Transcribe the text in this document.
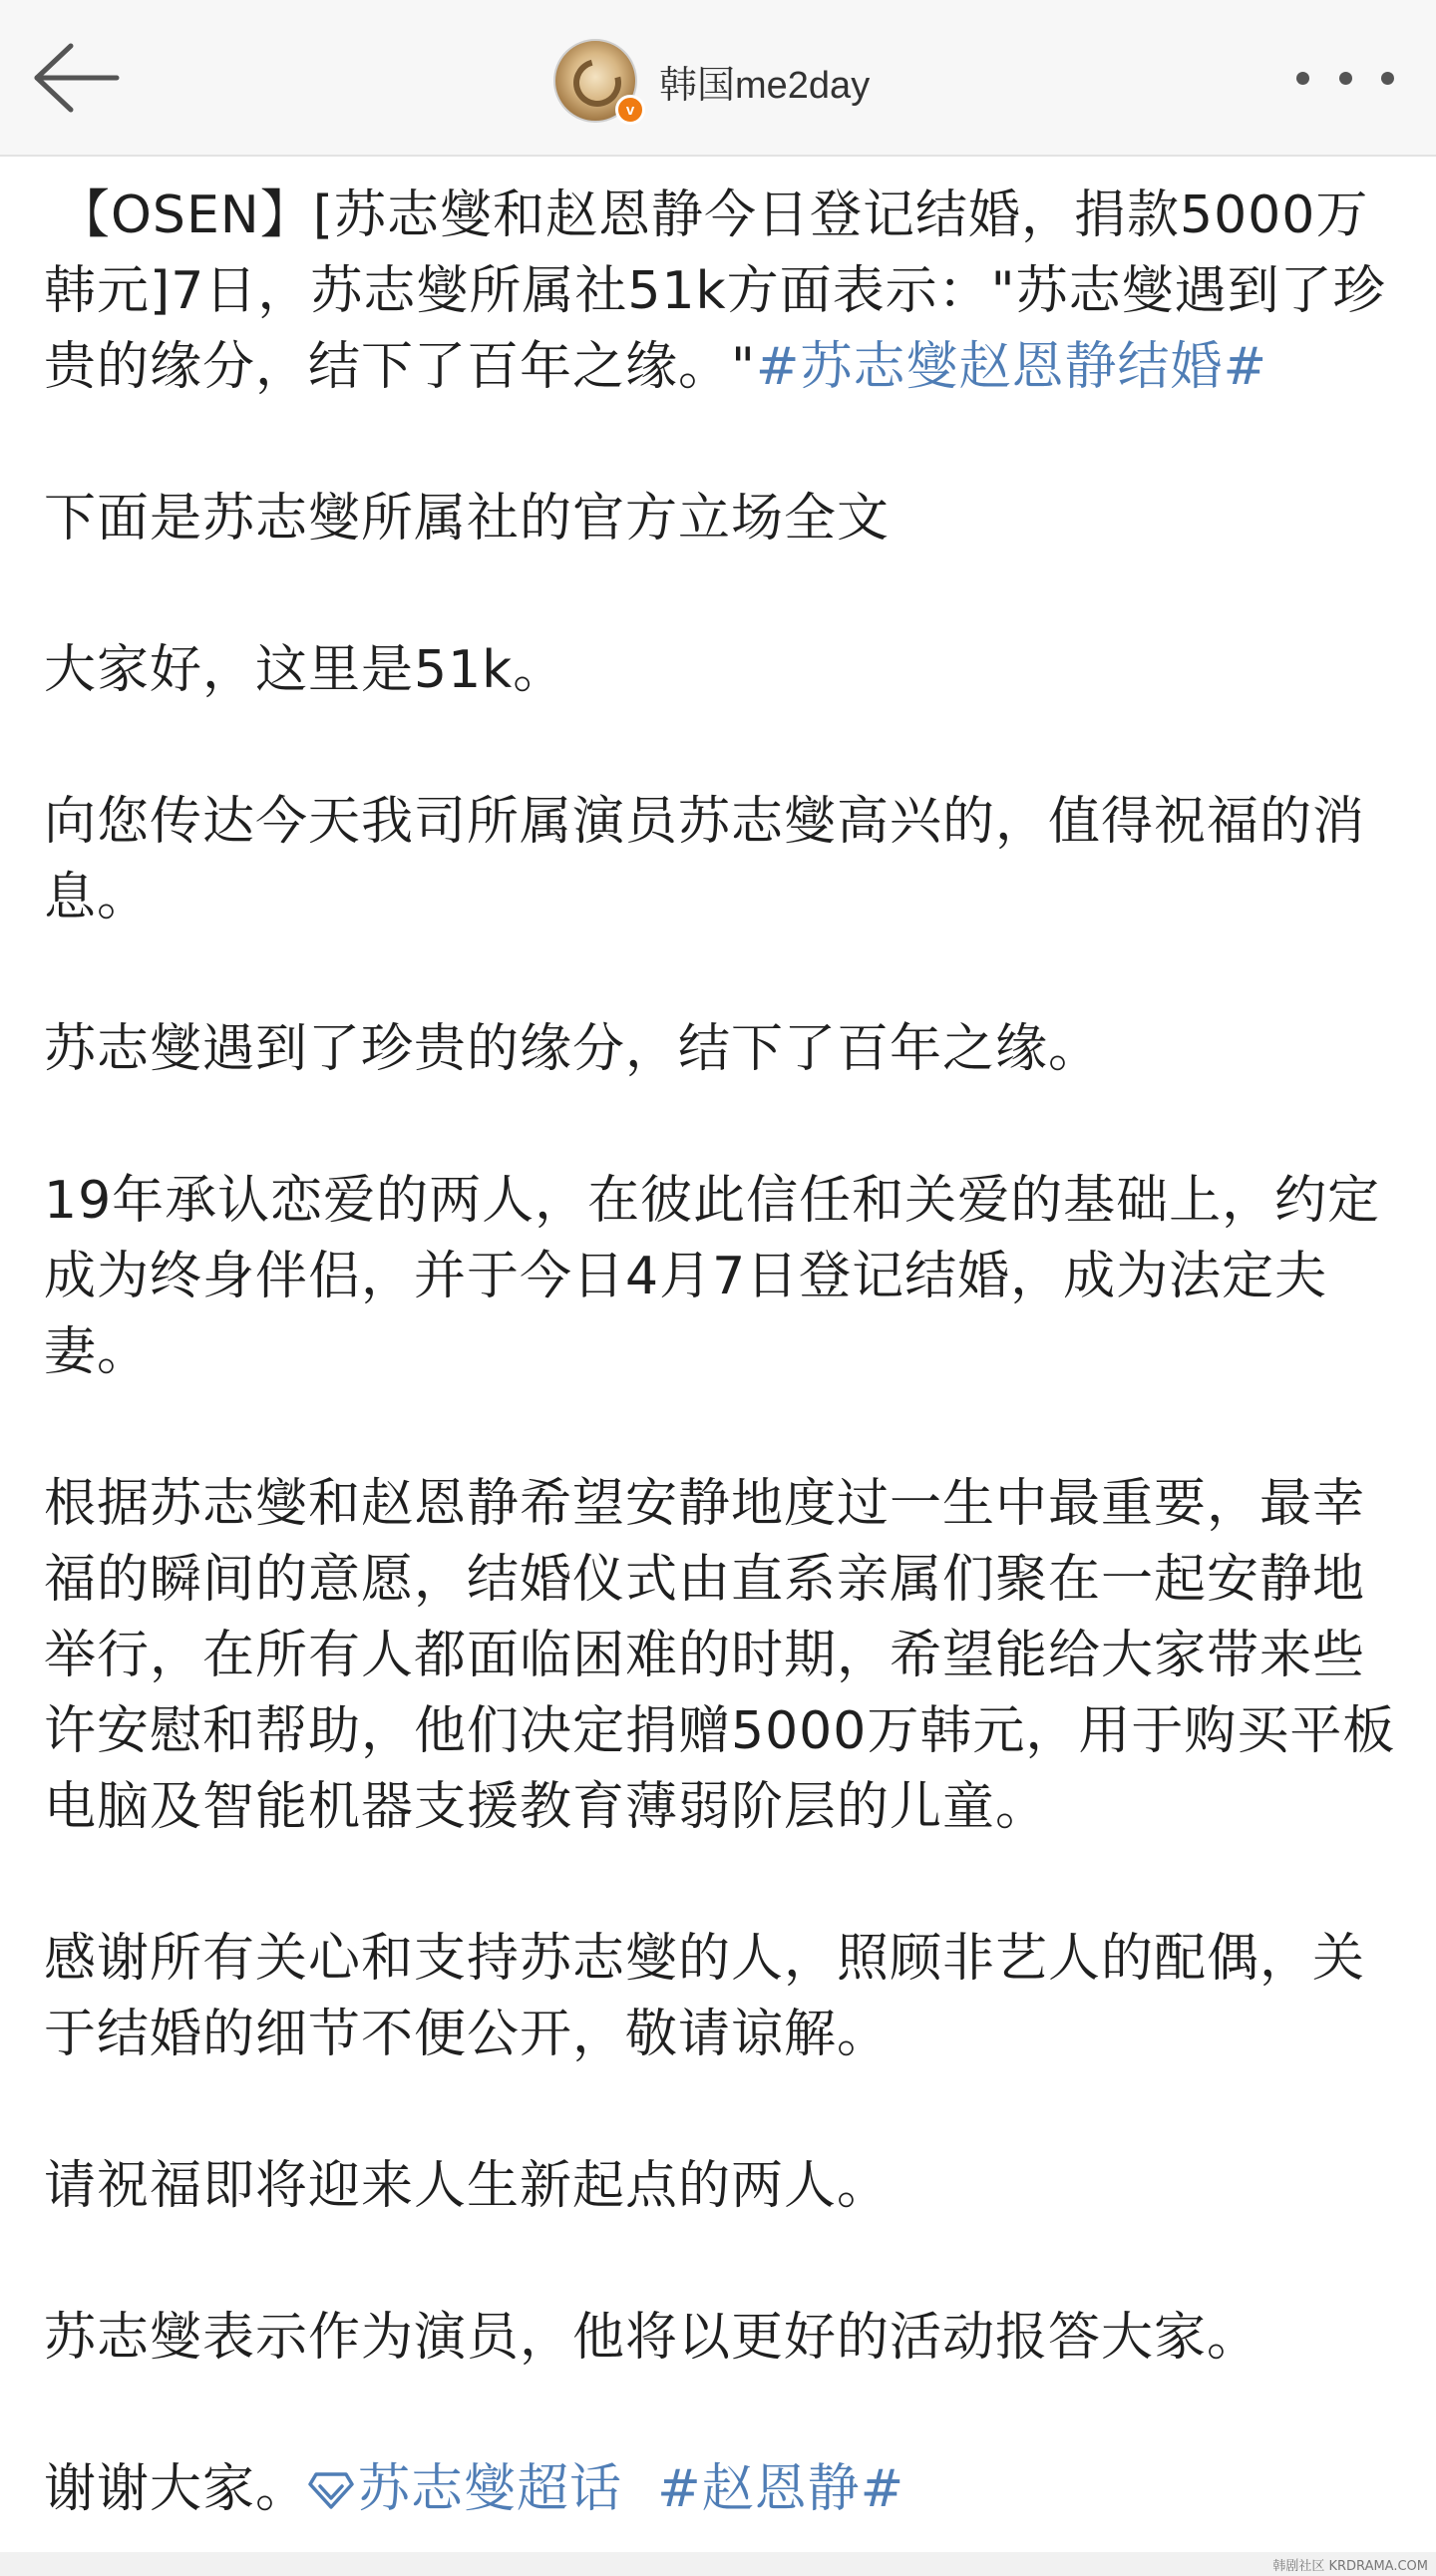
v
韩国me2day

【OSEN】[苏志燮和赵恩静今日登记结婚，捐款5000万韩元]7日，苏志燮所属社51k方面表示："苏志燮遇到了珍贵的缘分，结下了百年之缘。"#苏志燮赵恩静结婚#

下面是苏志燮所属社的官方立场全文

大家好，这里是51k。

向您传达今天我司所属演员苏志燮高兴的，值得祝福的消息。

苏志燮遇到了珍贵的缘分，结下了百年之缘。

19年承认恋爱的两人，在彼此信任和关爱的基础上，约定成为终身伴侣，并于今日4月7日登记结婚，成为法定夫妻。

根据苏志燮和赵恩静希望安静地度过一生中最重要，最幸福的瞬间的意愿，结婚仪式由直系亲属们聚在一起安静地举行，在所有人都面临困难的时期，希望能给大家带来些许安慰和帮助，他们决定捐赠5000万韩元，用于购买平板电脑及智能机器支援教育薄弱阶层的儿童。

感谢所有关心和支持苏志燮的人，照顾非艺人的配偶，关于结婚的细节不便公开，敬请谅解。

请祝福即将迎来人生新起点的两人。

苏志燮表示作为演员，他将以更好的活动报答大家。

谢谢大家。 苏志燮超话 #赵恩静#

韩剧社区 KRDRAMA.COM
